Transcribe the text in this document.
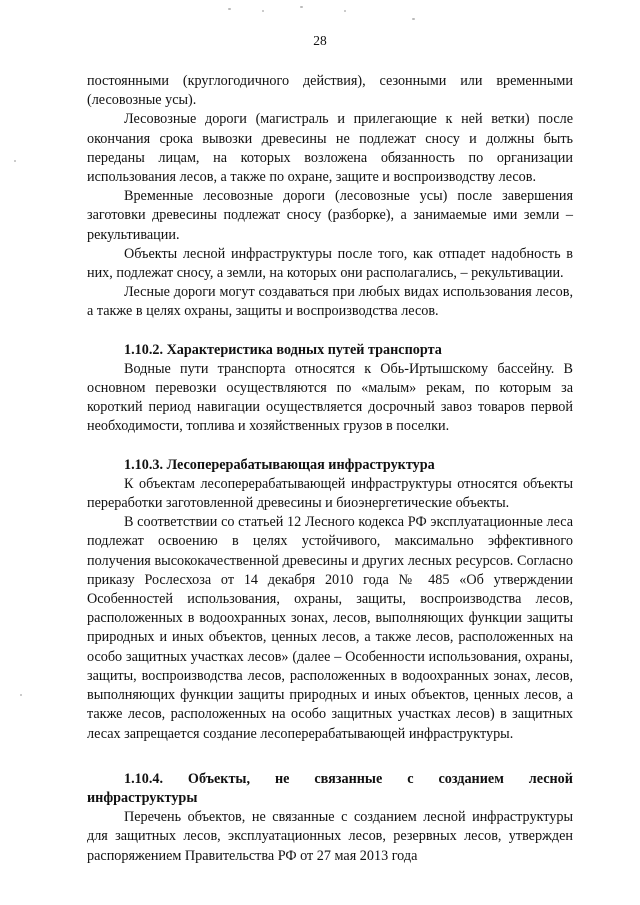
28

постоянными (круглогодичного действия), сезонными или временными (лесовозные усы).

Лесовозные дороги (магистраль и прилегающие к ней ветки) после окончания срока вывозки древесины не подлежат сносу и должны быть переданы лицам, на которых возложена обязанность по организации использования лесов, а также по охране, защите и воспроизводству лесов.

Временные лесовозные дороги (лесовозные усы) после завершения заготовки древесины подлежат сносу (разборке), а занимаемые ими земли – рекультивации.

Объекты лесной инфраструктуры после того, как отпадет надобность в них, подлежат сносу, а земли, на которых они располагались, – рекультивации.

Лесные дороги могут создаваться при любых видах использования лесов, а также в целях охраны, защиты и воспроизводства лесов.

1.10.2. Характеристика водных путей транспорта

Водные пути транспорта относятся к Обь-Иртышскому бассейну. В основном перевозки осуществляются по «малым» рекам, по которым за короткий период навигации осуществляется досрочный завоз товаров первой необходимости, топлива и хозяйственных грузов в поселки.

1.10.3. Лесоперерабатывающая инфраструктура

К объектам лесоперерабатывающей инфраструктуры относятся объекты переработки заготовленной древесины и биоэнергетические объекты.

В соответствии со статьей 12 Лесного кодекса РФ эксплуатационные леса подлежат освоению в целях устойчивого, максимально эффективного получения высококачественной древесины и других лесных ресурсов. Согласно приказу Рослесхоза от 14 декабря 2010 года № 485 «Об утверждении Особенностей использования, охраны, защиты, воспроизводства лесов, расположенных в водоохранных зонах, лесов, выполняющих функции защиты природных и иных объектов, ценных лесов, а также лесов, расположенных на особо защитных участках лесов» (далее – Особенности использования, охраны, защиты, воспроизводства лесов, расположенных в водоохранных зонах, лесов, выполняющих функции защиты природных и иных объектов, ценных лесов, а также лесов, расположенных на особо защитных участках лесов) в защитных лесах запрещается создание лесоперерабатывающей инфраструктуры.

1.10.4. Объекты, не связанные с созданием лесной
инфраструктуры

Перечень объектов, не связанные с созданием лесной инфраструктуры для защитных лесов, эксплуатационных лесов, резервных лесов, утвержден распоряжением Правительства РФ от 27 мая 2013 года
